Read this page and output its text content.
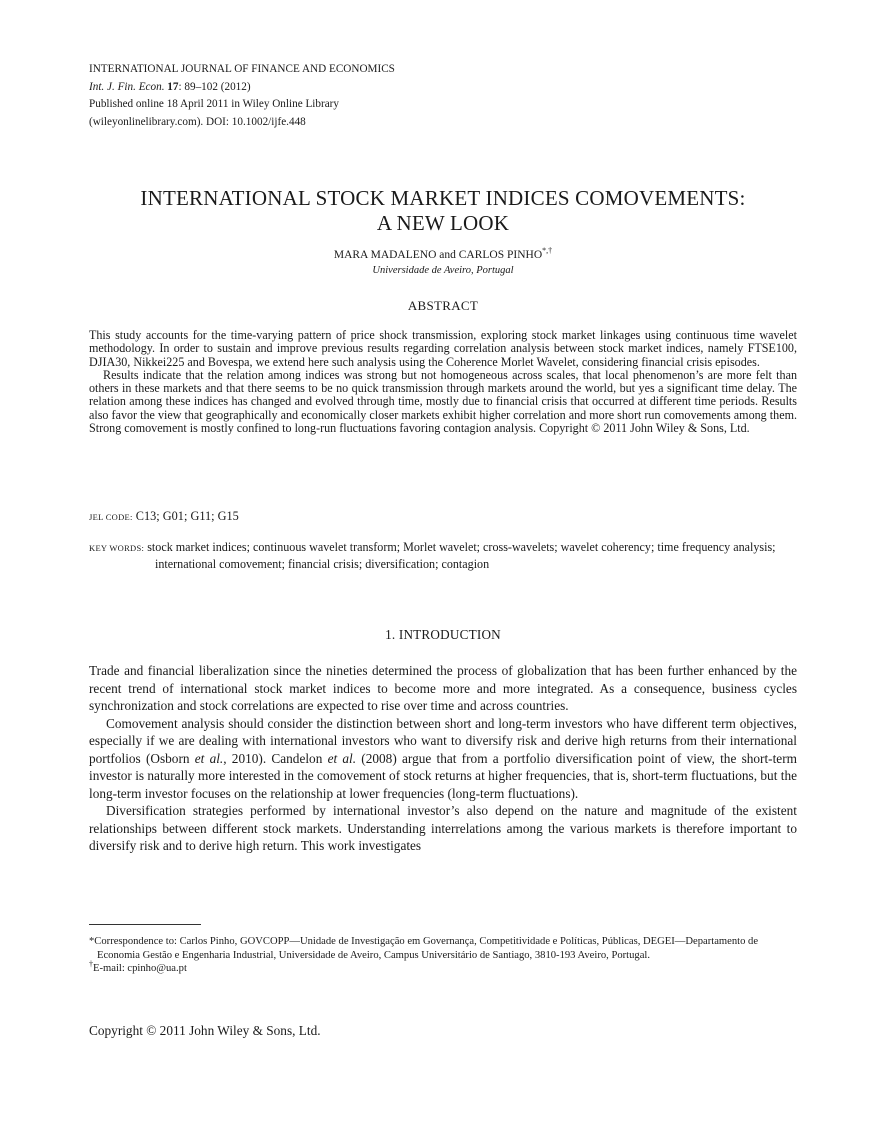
INTERNATIONAL JOURNAL OF FINANCE AND ECONOMICS
Int. J. Fin. Econ. 17: 89–102 (2012)
Published online 18 April 2011 in Wiley Online Library
(wileyonlinelibrary.com). DOI: 10.1002/ijfe.448
INTERNATIONAL STOCK MARKET INDICES COMOVEMENTS:
A NEW LOOK
MARA MADALENO and CARLOS PINHO*,†
Universidade de Aveiro, Portugal
ABSTRACT

This study accounts for the time-varying pattern of price shock transmission, exploring stock market linkages using continuous time wavelet methodology. In order to sustain and improve previous results regarding correlation analysis between stock market indices, namely FTSE100, DJIA30, Nikkei225 and Bovespa, we extend here such analysis using the Coherence Morlet Wavelet, considering financial crisis episodes.

Results indicate that the relation among indices was strong but not homogeneous across scales, that local phenomenon’s are more felt than others in these markets and that there seems to be no quick transmission through markets around the world, but yes a significant time delay. The relation among these indices has changed and evolved through time, mostly due to financial crisis that occurred at different time periods. Results also favor the view that geographically and economically closer markets exhibit higher correlation and more short run comovements among them. Strong comovement is mostly confined to long-run fluctuations favoring contagion analysis. Copyright © 2011 John Wiley & Sons, Ltd.

JEL CODE: C13; G01; G11; G15
KEY WORDS: stock market indices; continuous wavelet transform; Morlet wavelet; cross-wavelets; wavelet coherency; time frequency analysis; international comovement; financial crisis; diversification; contagion
1. INTRODUCTION

Trade and financial liberalization since the nineties determined the process of globalization that has been further enhanced by the recent trend of international stock market indices to become more and more integrated. As a consequence, business cycles synchronization and stock correlations are expected to rise over time and across countries.

Comovement analysis should consider the distinction between short and long-term investors who have different term objectives, especially if we are dealing with international investors who want to diversify risk and derive high returns from their international portfolios (Osborn et al., 2010). Candelon et al. (2008) argue that from a portfolio diversification point of view, the short-term investor is naturally more interested in the comovement of stock returns at higher frequencies, that is, short-term fluctuations, but the long-term investor focuses on the relationship at lower frequencies (long-term fluctuations).

Diversification strategies performed by international investor’s also depend on the nature and magnitude of the existent relationships between different stock markets. Understanding interrelations among the various markets is therefore important to diversify risk and to derive high return. This work investigates

*Correspondence to: Carlos Pinho, GOVCOPP—Unidade de Investigação em Governança, Competitividade e Políticas, Públicas, DEGEI—Departamento de Economia Gestão e Engenharia Industrial, Universidade de Aveiro, Campus Universitário de Santiago, 3810-193 Aveiro, Portugal.
†E-mail: cpinho@ua.pt
Copyright © 2011 John Wiley & Sons, Ltd.
